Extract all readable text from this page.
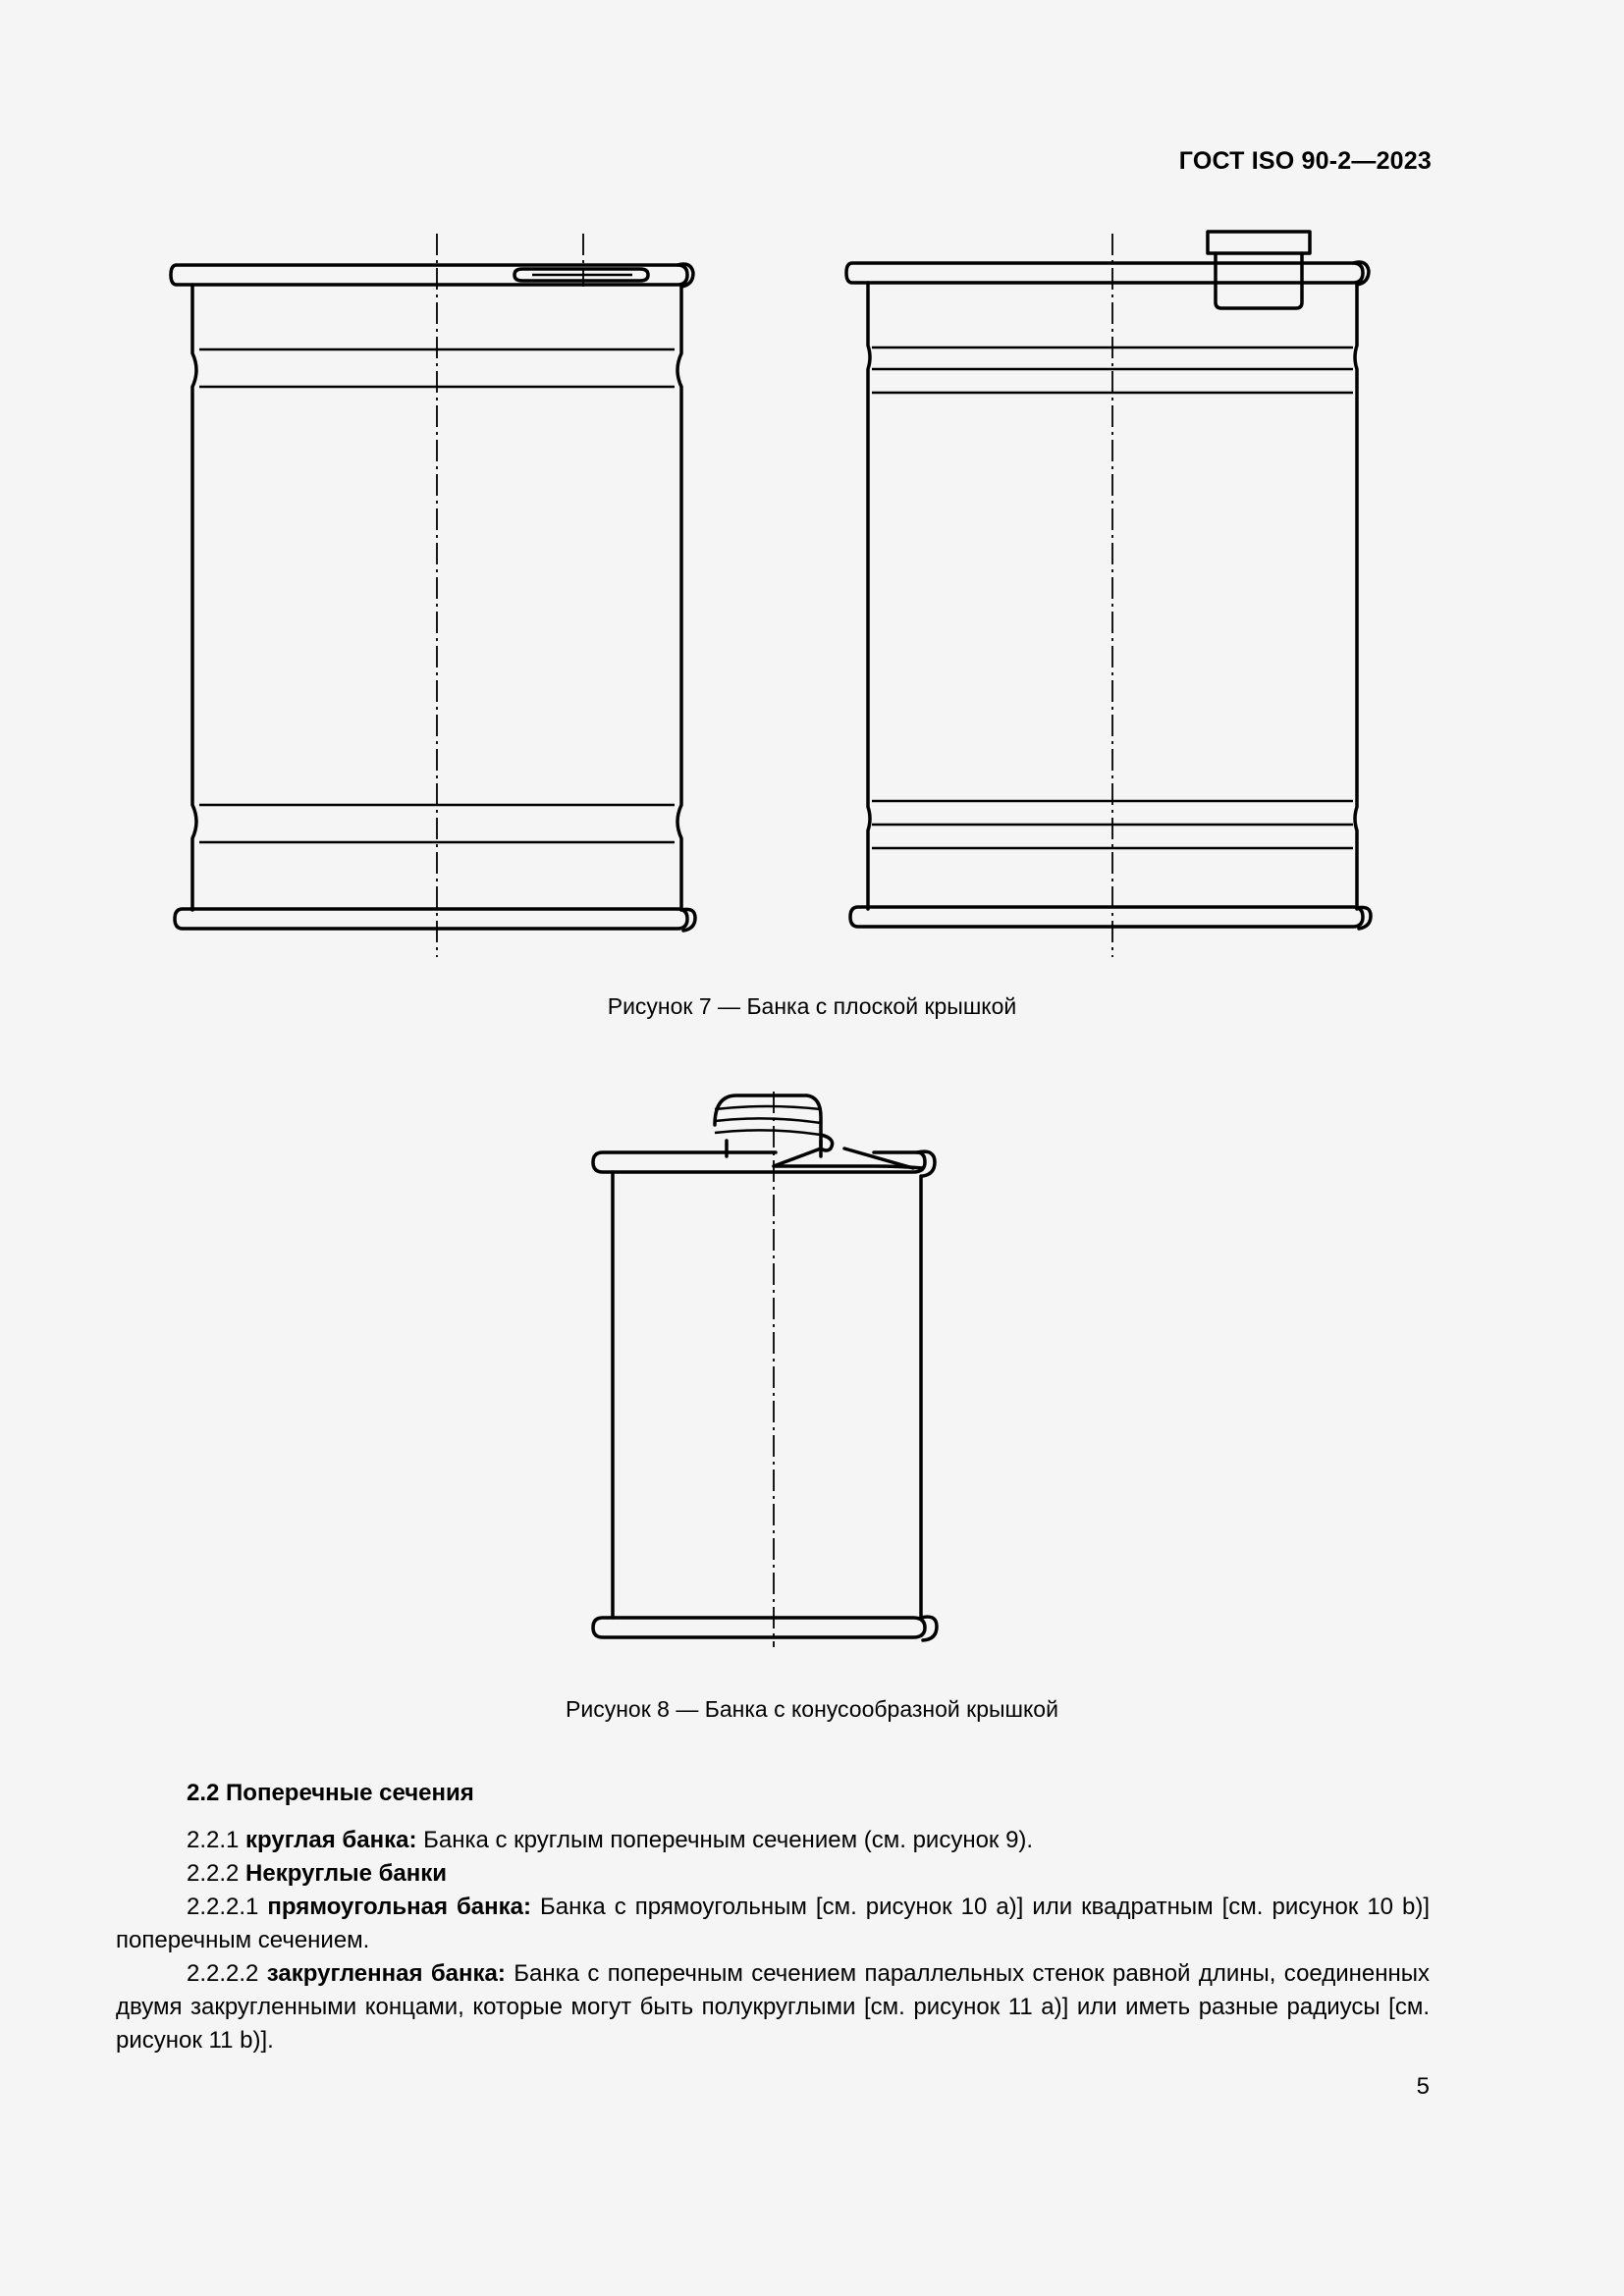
ГОСТ ISO 90-2—2023
Рисунок 7 — Банка с плоской крышкой
Рисунок 8 — Банка с конусообразной крышкой

2.2 Поперечные сечения

2.2.1 круглая банка: Банка с круглым поперечным сечением (см. рисунок 9).

2.2.2 Некруглые банки

2.2.2.1 прямоугольная банка: Банка с прямоугольным [см. рисунок 10 а)] или квадратным [см. рисунок 10 b)] поперечным сечением.

2.2.2.2 закругленная банка: Банка с поперечным сечением параллельных стенок равной длины, соединенных двумя закругленными концами, которые могут быть полукруглыми [см. рисунок 11 а)] или иметь разные радиусы [см. рисунок 11 b)].

5
